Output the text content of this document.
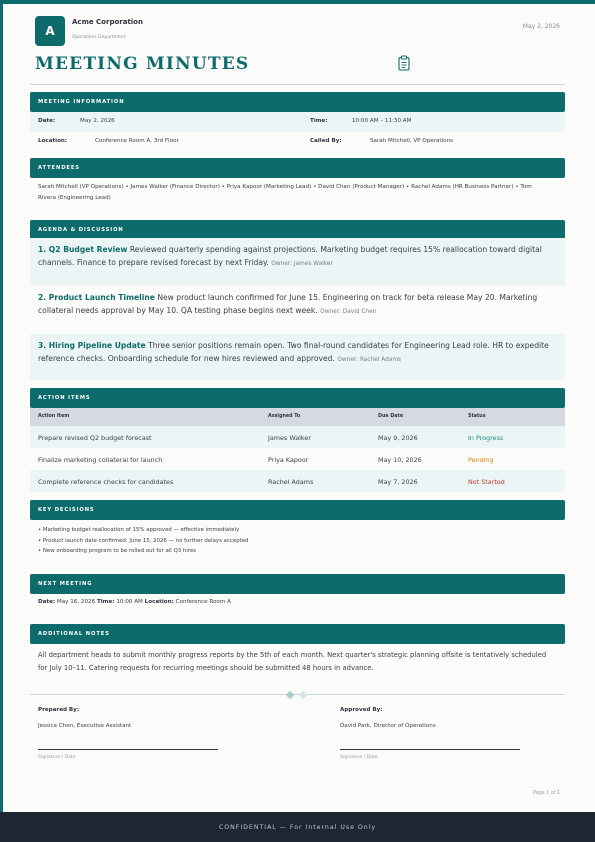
A
Acme Corporation
Operations Department
May 2, 2026
MEETING MINUTES
MEETING INFORMATION
Date:	May 2, 2026	Time:	10:00 AM – 11:30 AM
Location:	Conference Room A, 3rd Floor	Called By:	Sarah Mitchell, VP Operations
ATTENDEES
Sarah Mitchell (VP Operations) • James Walker (Finance Director) • Priya Kapoor (Marketing Lead) • David Chen (Product Manager) • Rachel Adams (HR Business Partner) • Tom Rivera (Engineering Lead)
AGENDA & DISCUSSION
1. Q2 Budget Review Reviewed quarterly spending against projections. Marketing budget requires 15% reallocation toward digital channels. Finance to prepare revised forecast by next Friday. Owner: James Walker
2. Product Launch Timeline New product launch confirmed for June 15. Engineering on track for beta release May 20. Marketing collateral needs approval by May 10. QA testing phase begins next week. Owner: David Chen
3. Hiring Pipeline Update Three senior positions remain open. Two final-round candidates for Engineering Lead role. HR to expedite reference checks. Onboarding schedule for new hires reviewed and approved. Owner: Rachel Adams
ACTION ITEMS
Action Item	Assigned To	Due Date	Status
Prepare revised Q2 budget forecast	James Walker	May 9, 2026	In Progress
Finalize marketing collateral for launch	Priya Kapoor	May 10, 2026	Pending
Complete reference checks for candidates	Rachel Adams	May 7, 2026	Not Started
KEY DECISIONS
• Marketing budget reallocation of 15% approved — effective immediately
• Product launch date confirmed: June 15, 2026 — no further delays accepted
• New onboarding program to be rolled out for all Q3 hires
NEXT MEETING
Date: May 16, 2026 Time: 10:00 AM Location: Conference Room A
ADDITIONAL NOTES
All department heads to submit monthly progress reports by the 5th of each month. Next quarter's strategic planning offsite is tentatively scheduled for July 10–11. Catering requests for recurring meetings should be submitted 48 hours in advance.
Prepared By:
Jessica Chen, Executive Assistant
Signature / Date
Approved By:
David Park, Director of Operations
Signature / Date
Page 1 of 1
CONFIDENTIAL — For Internal Use Only
